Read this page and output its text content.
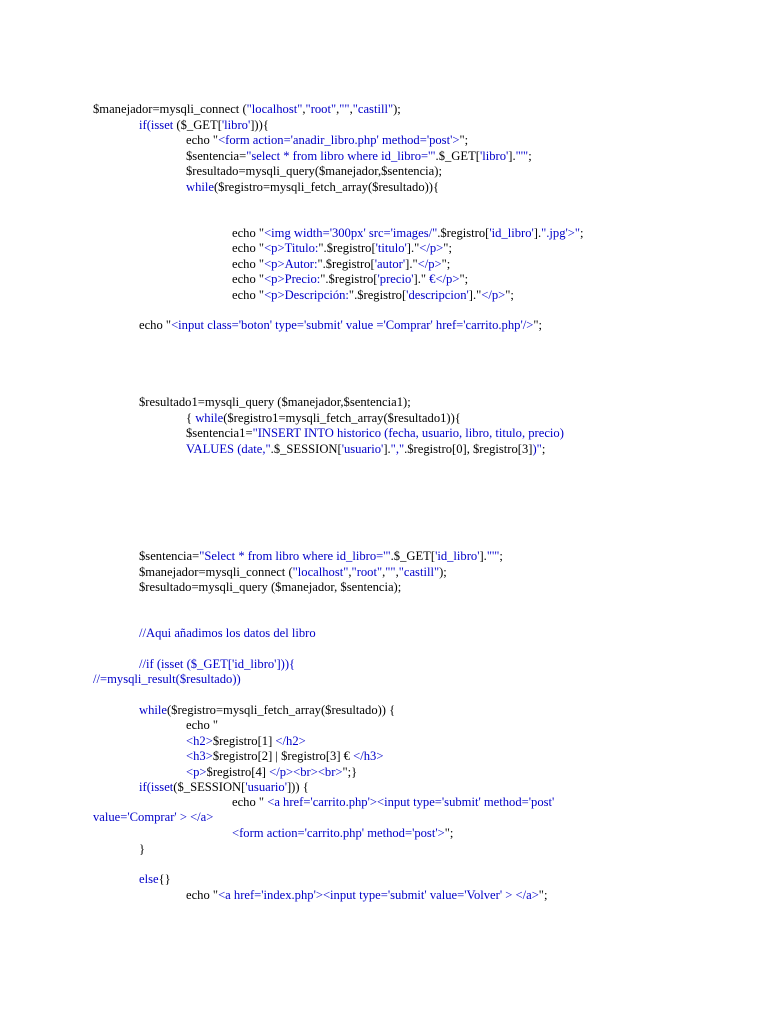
$manejador=mysqli_connect ("localhost","root","","castill");
if(isset ($_GET['libro'])){
echo "<form action='anadir_libro.php' method='post'>";
$sentencia="select * from libro where id_libro='".$_GET['libro']."'";
$resultado=mysqli_query($manejador,$sentencia);
while($registro=mysqli_fetch_array($resultado)){
echo "<img width='300px' src='images/".$registro['id_libro'].".jpg'>";
echo "<p>Titulo:".$registro['titulo']."</p>";
echo "<p>Autor:".$registro['autor']."</p>";
echo "<p>Precio:".$registro['precio']." €</p>";
echo "<p>Descripción:".$registro['descripcion']."</p>";
echo "<input class='boton' type='submit' value ='Comprar' href='carrito.php'/>";
$resultado1=mysqli_query ($manejador,$sentencia1);
{ while($registro1=mysqli_fetch_array($resultado1)){
$sentencia1="INSERT INTO historico (fecha, usuario, libro, titulo, precio)
VALUES (date,".$_SESSION['usuario'].",".$registro[0], $registro[3])";
$sentencia="Select * from libro where id_libro='".$_GET['id_libro']."'";
$manejador=mysqli_connect ("localhost","root","","castill");
$resultado=mysqli_query ($manejador, $sentencia);
//Aqui añadimos los datos del libro
//if (isset ($_GET['id_libro'])){
//=mysqli_result($resultado))
while($registro=mysqli_fetch_array($resultado)) {
echo "
<h2>$registro[1] </h2>
<h3>$registro[2] | $registro[3] € </h3>
<p>$registro[4] </p><br><br>";}
if(isset($_SESSION['usuario'])) {
echo " <a href='carrito.php'><input type='submit' method='post'
value='Comprar' > </a>
<form action='carrito.php' method='post'>";
}
else{}
echo "<a href='index.php'><input type='submit' value='Volver' > </a>";
